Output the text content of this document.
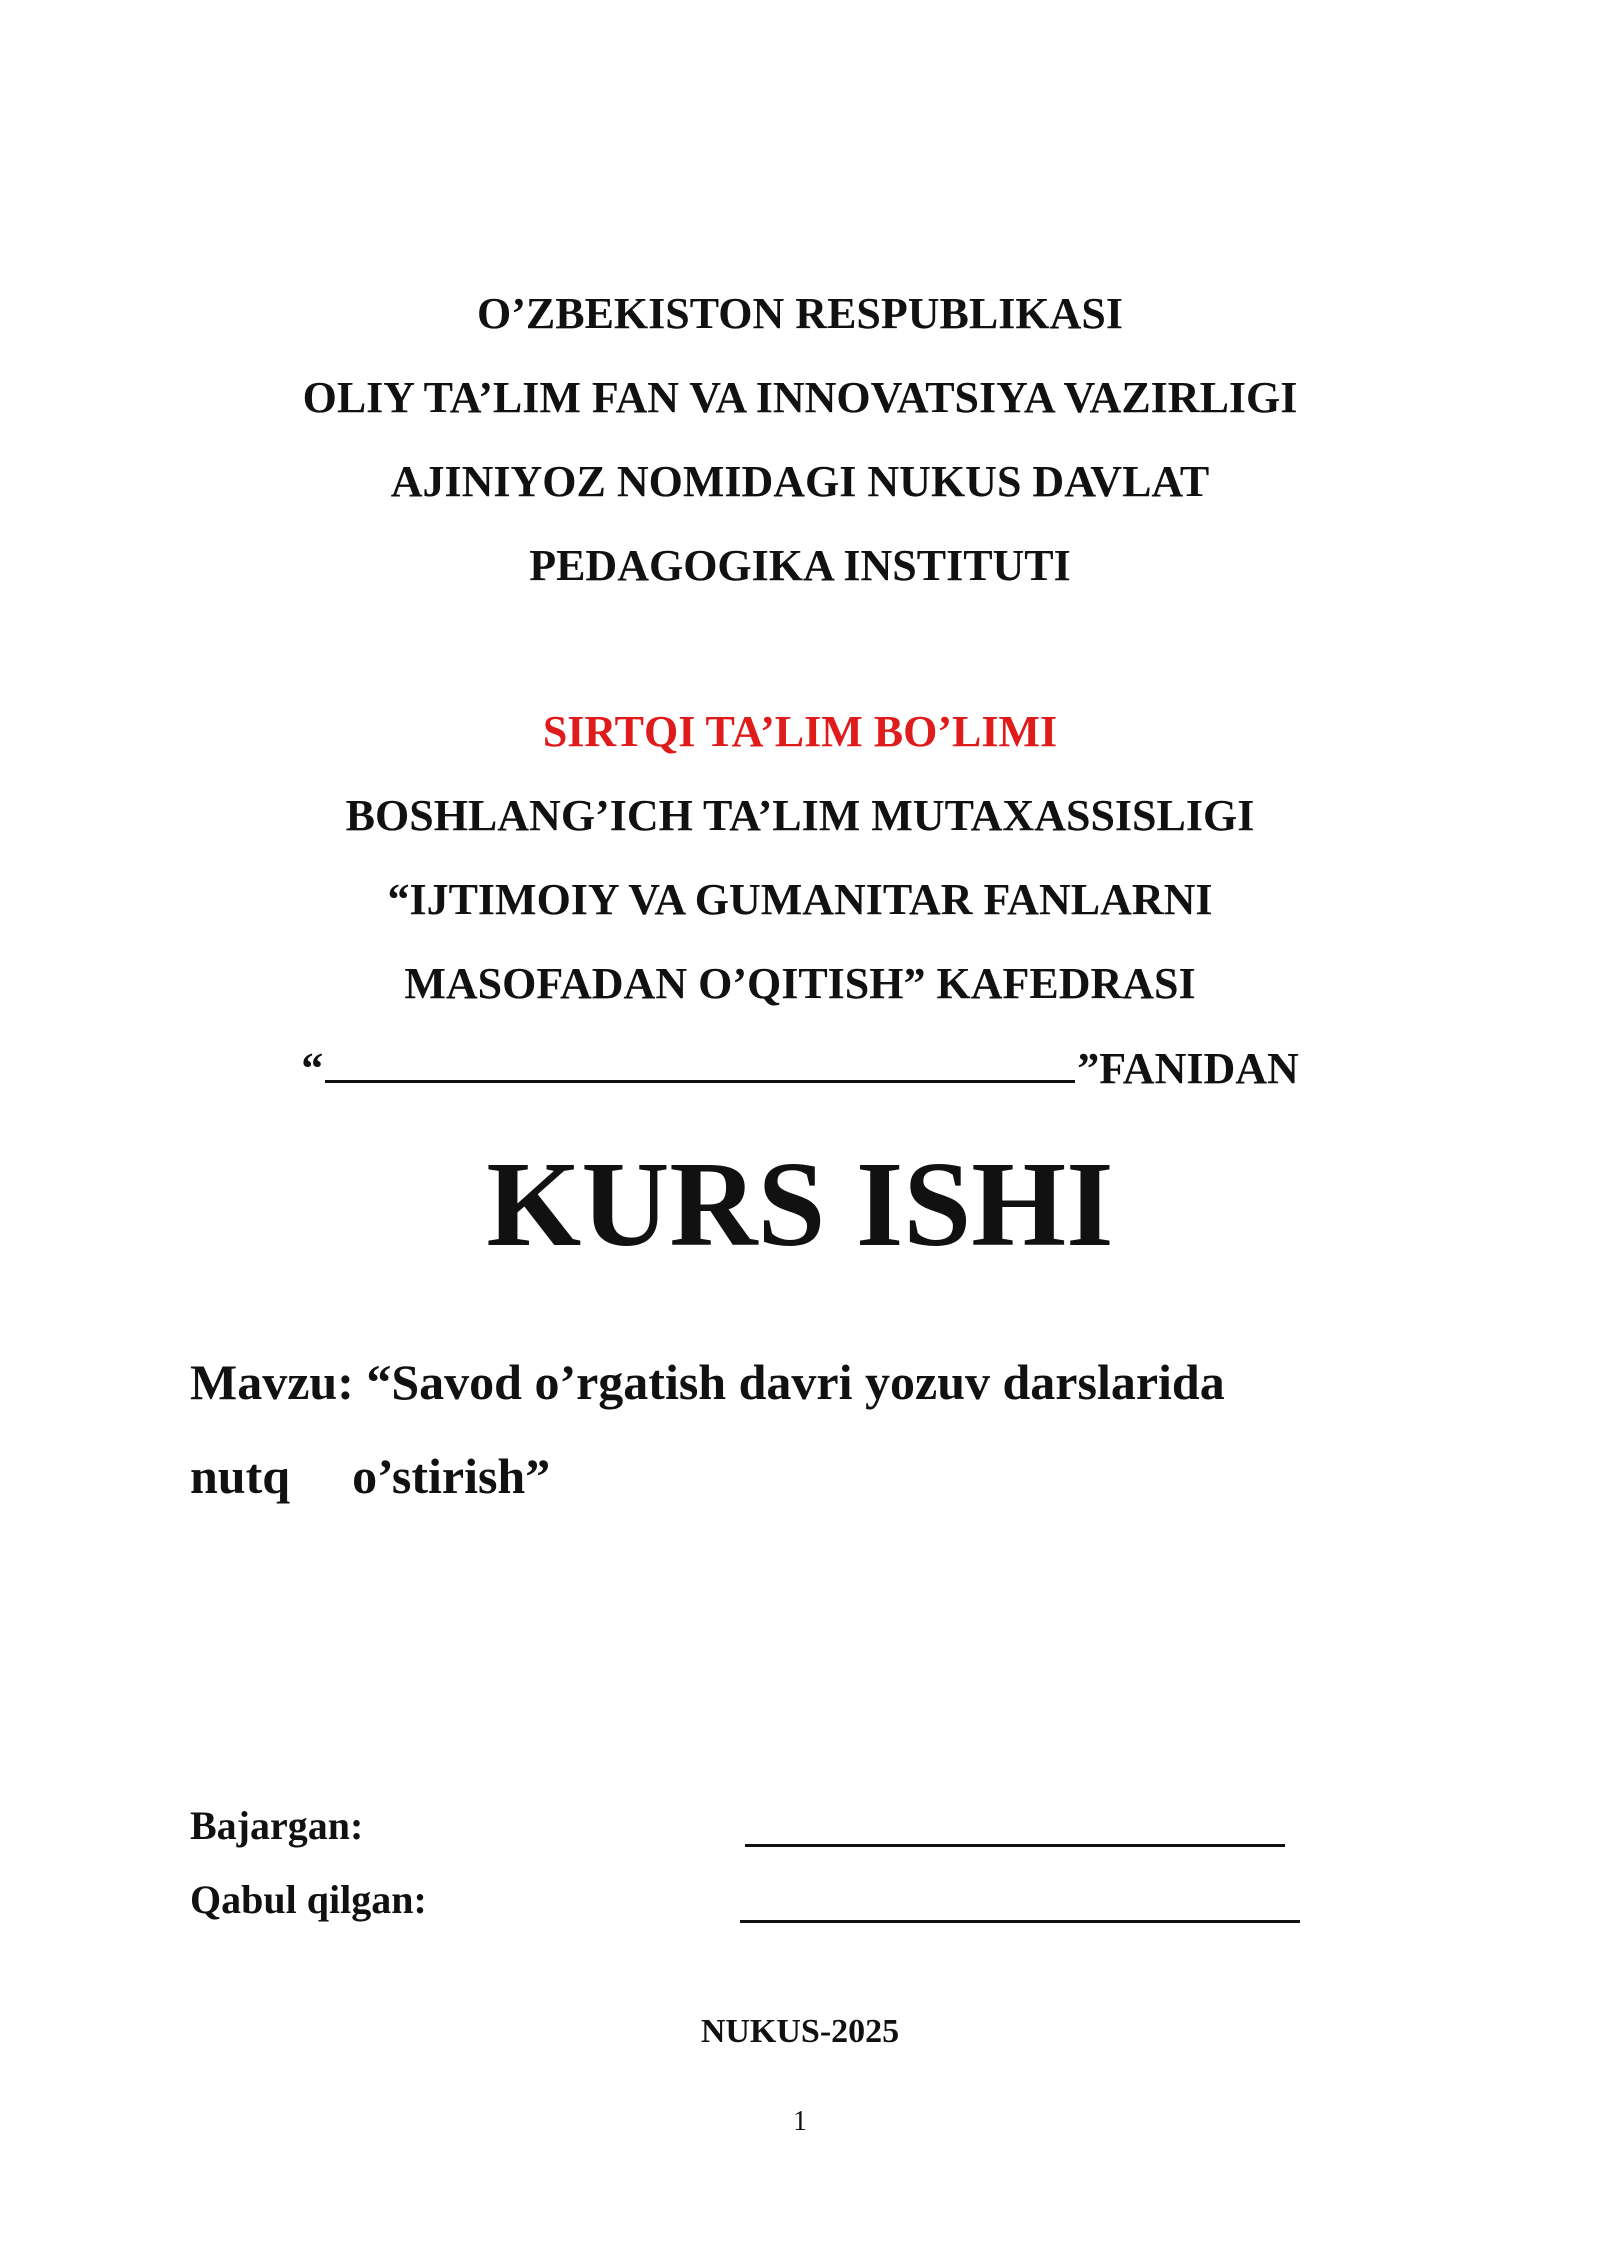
O’ZBEKISTON RESPUBLIKASI
OLIY TA’LIM FAN VA INNOVATSIYA VAZIRLIGI
AJINIYOZ NOMIDAGI NUKUS DAVLAT
PEDAGOGIKA INSTITUTI
SIRTQI TA’LIM BO’LIMI
BOSHLANG’ICH TA’LIM MUTAXASSISLIGI
“IJTIMOIY VA GUMANITAR FANLARNI
MASOFADAN O’QITISH” KAFEDRASI
“	”FANIDAN
KURS ISHI
Mavzu: “Savod o’rgatish davri yozuv darslarida
nutq o’stirish”
Bajargan:
Qabul qilgan:
NUKUS-2025
1
